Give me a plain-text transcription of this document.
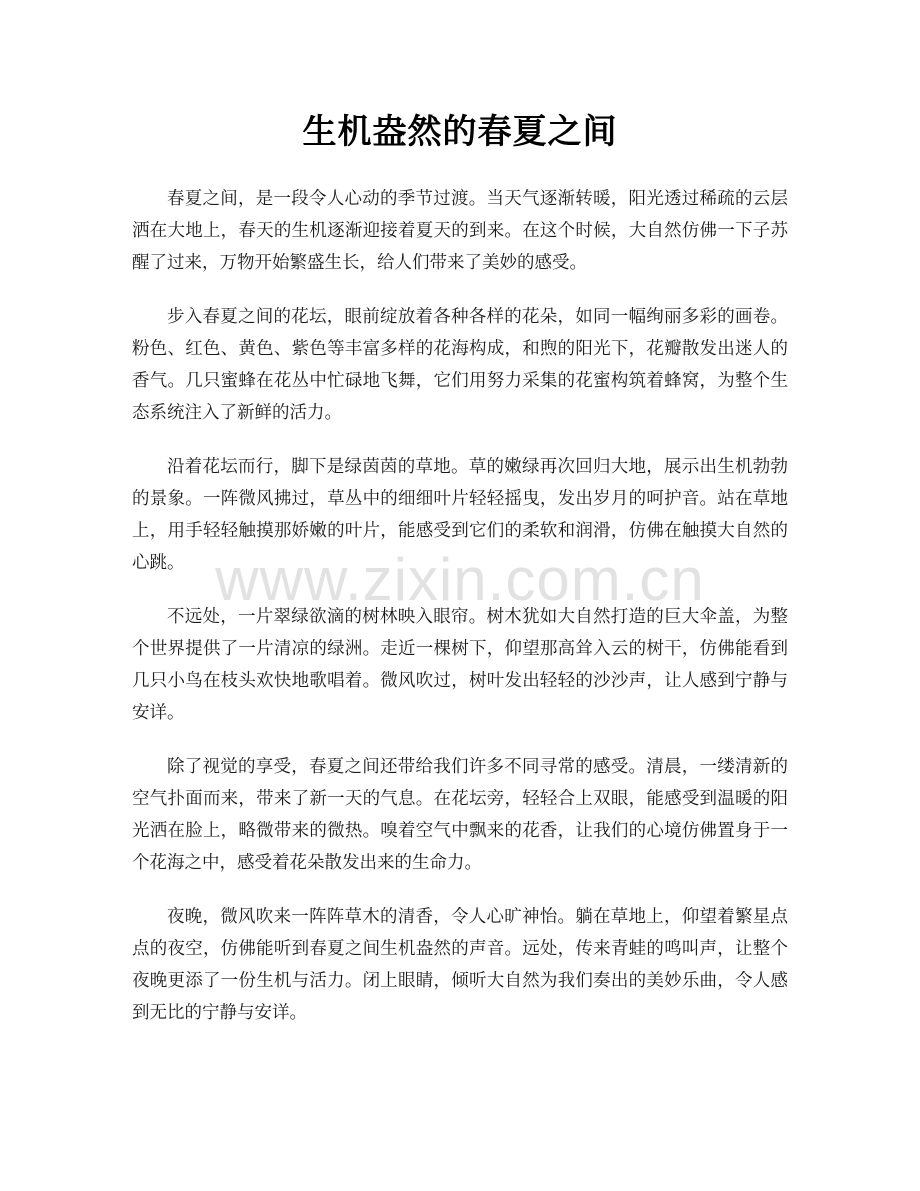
生机盎然的春夏之间

春夏之间，是一段令人心动的季节过渡。当天气逐渐转暖，阳光透过稀疏的云层洒在大地上，春天的生机逐渐迎接着夏天的到来。在这个时候，大自然仿佛一下子苏醒了过来，万物开始繁盛生长，给人们带来了美妙的感受。

步入春夏之间的花坛，眼前绽放着各种各样的花朵，如同一幅绚丽多彩的画卷。粉色、红色、黄色、紫色等丰富多样的花海构成，和煦的阳光下，花瓣散发出迷人的香气。几只蜜蜂在花丛中忙碌地飞舞，它们用努力采集的花蜜构筑着蜂窝，为整个生态系统注入了新鲜的活力。

沿着花坛而行，脚下是绿茵茵的草地。草的嫩绿再次回归大地，展示出生机勃勃的景象。一阵微风拂过，草丛中的细细叶片轻轻摇曳，发出岁月的呵护音。站在草地上，用手轻轻触摸那娇嫩的叶片，能感受到它们的柔软和润滑，仿佛在触摸大自然的心跳。

不远处，一片翠绿欲滴的树林映入眼帘。树木犹如大自然打造的巨大伞盖，为整个世界提供了一片清凉的绿洲。走近一棵树下，仰望那高耸入云的树干，仿佛能看到几只小鸟在枝头欢快地歌唱着。微风吹过，树叶发出轻轻的沙沙声，让人感到宁静与安详。

除了视觉的享受，春夏之间还带给我们许多不同寻常的感受。清晨，一缕清新的空气扑面而来，带来了新一天的气息。在花坛旁，轻轻合上双眼，能感受到温暖的阳光洒在脸上，略微带来的微热。嗅着空气中飘来的花香，让我们的心境仿佛置身于一个花海之中，感受着花朵散发出来的生命力。

夜晚，微风吹来一阵阵草木的清香，令人心旷神怡。躺在草地上，仰望着繁星点点的夜空，仿佛能听到春夏之间生机盎然的声音。远处，传来青蛙的鸣叫声，让整个夜晚更添了一份生机与活力。闭上眼睛，倾听大自然为我们奏出的美妙乐曲，令人感到无比的宁静与安详。

www.zixin.com.cn
